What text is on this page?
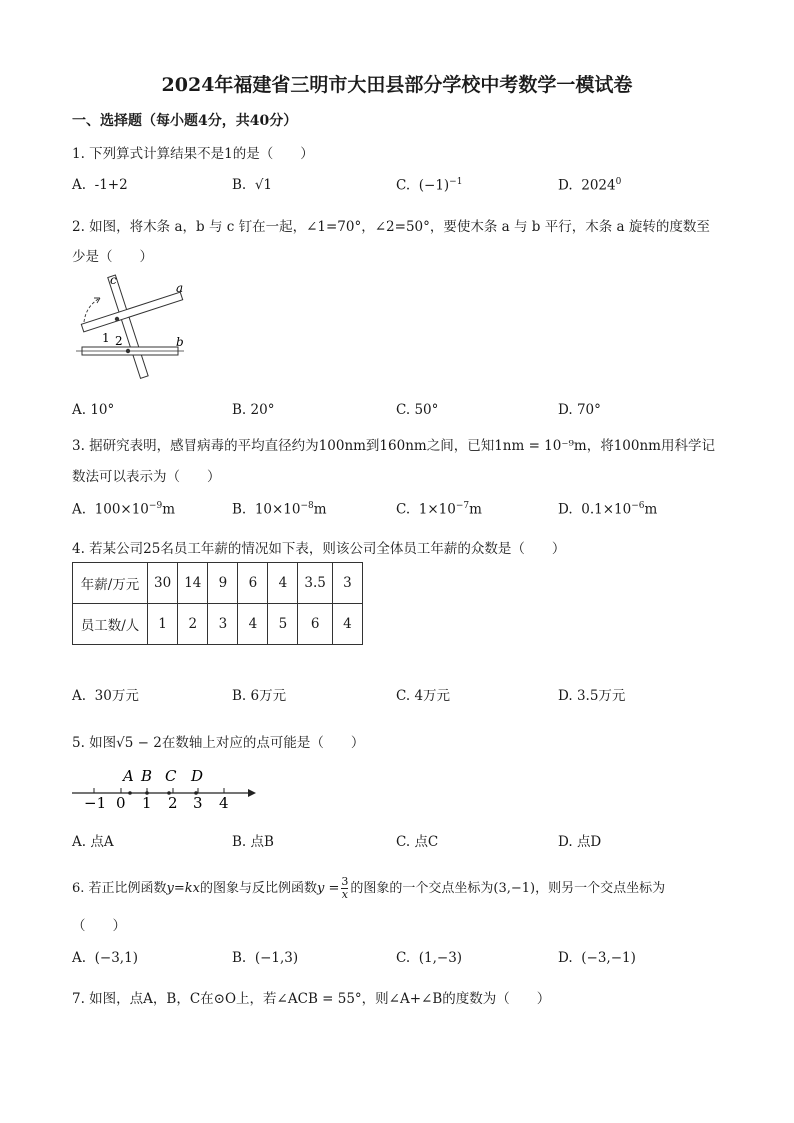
2024年福建省三明市大田县部分学校中考数学一模试卷
一、选择题（每小题4分，共40分）
1. 下列算式计算结果不是1的是（　　）
A. -1+2	B. √1	C. $(-1)^{-1}$	D. 2024$^0$
2. 如图，将木条 a，b 与 c 钉在一起，∠1=70°，∠2=50°，要使木条 a 与 b 平行，木条 a 旋转的度数至
少是（　　）
c
a
b
1 2
A. 10°	B. 20°	C. 50°	D. 70°
3. 据研究表明，感冒病毒的平均直径约为100nm到160nm之间，已知1nm = 10⁻⁹m，将100nm用科学记
数法可以表示为（　　）
A. $100\times 10^{-9}m$	B. $10\times 10^{-8}m$	C. $1\times 10^{-7}m$	D. $0.1\times 10^{-6}m$
4. 若某公司25名员工年薪的情况如下表，则该公司全体员工年薪的众数是（　　）
年薪/万元	30	14	9	6	4	3.5	3
员工数/人	1	2	3	4	5	6	4
A. 30万元	B. 6万元	C. 4万元	D. 3.5万元
5. 如图√5 − 2在数轴上对应的点可能是（　　）
A B C D
−1 0 1 2 3 4
A. 点A	B. 点B	C. 点C	D. 点D
6. 若正比例函数y=kx的图象与反比例函数$y = \frac{3}{x}$ 的图象的一个交点坐标为(3,−1)，则另一个交点坐标为
（　　）
A. (−3,1)	B. (−1,3)	C. (1,−3)	D. (−3,−1)
7. 如图，点A，B，C在⊙O上，若∠ACB = 55°，则∠A+∠B的度数为（　　）
